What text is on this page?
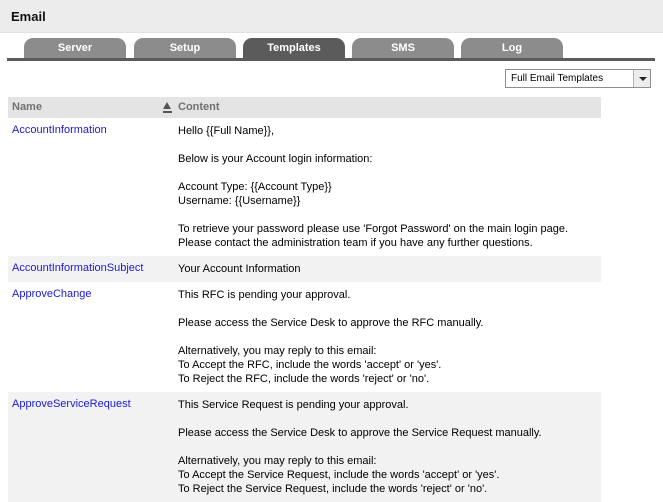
Email
Server	Setup	Templates	SMS	Log
Full Email Templates
Name	Content
AccountInformation	Hello {{Full Name}},
Below is your Account login information:
Account Type: {{Account Type}}
Username: {{Username}}
To retrieve your password please use 'Forgot Password' on the main login page.
Please contact the administration team if you have any further questions.
AccountInformationSubject	Your Account Information
ApproveChange	This RFC is pending your approval.
Please access the Service Desk to approve the RFC manually.
Alternatively, you may reply to this email:
To Accept the RFC, include the words 'accept' or 'yes'.
To Reject the RFC, include the words 'reject' or 'no'.
ApproveServiceRequest	This Service Request is pending your approval.
Please access the Service Desk to approve the Service Request manually.
Alternatively, you may reply to this email:
To Accept the Service Request, include the words 'accept' or 'yes'.
To Reject the Service Request, include the words 'reject' or 'no'.
